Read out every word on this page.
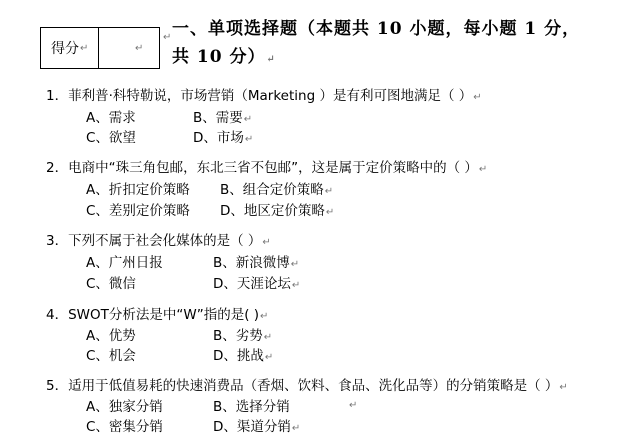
得分 ↵	↵
↵ 一、单项选择题（本题共 10 小题，每小题 1 分，
共 10 分）↵
1．菲利普·科特勒说，市场营销（Marketing ）是有利可图地满足（ ）↵
A、需求	B、需要↵
C、欲望	D、市场↵
2．电商中“珠三角包邮，东北三省不包邮”，这是属于定价策略中的（ ）↵
A、折扣定价策略 B、组合定价策略↵
C、差别定价策略 D、地区定价策略↵
3．下列不属于社会化媒体的是（ ）↵
A、广州日报	B、新浪微博↵
C、微信	D、天涯论坛↵
4．SWOT分析法是中“W”指的是( )↵
A、优势	B、劣势↵
C、机会	D、挑战↵
5．适用于低值易耗的快速消费品（香烟、饮料、食品、洗化品等）的分销策略是（ ）↵
A、独家分销	B、选择分销	↵
C、密集分销	D、渠道分销↵
